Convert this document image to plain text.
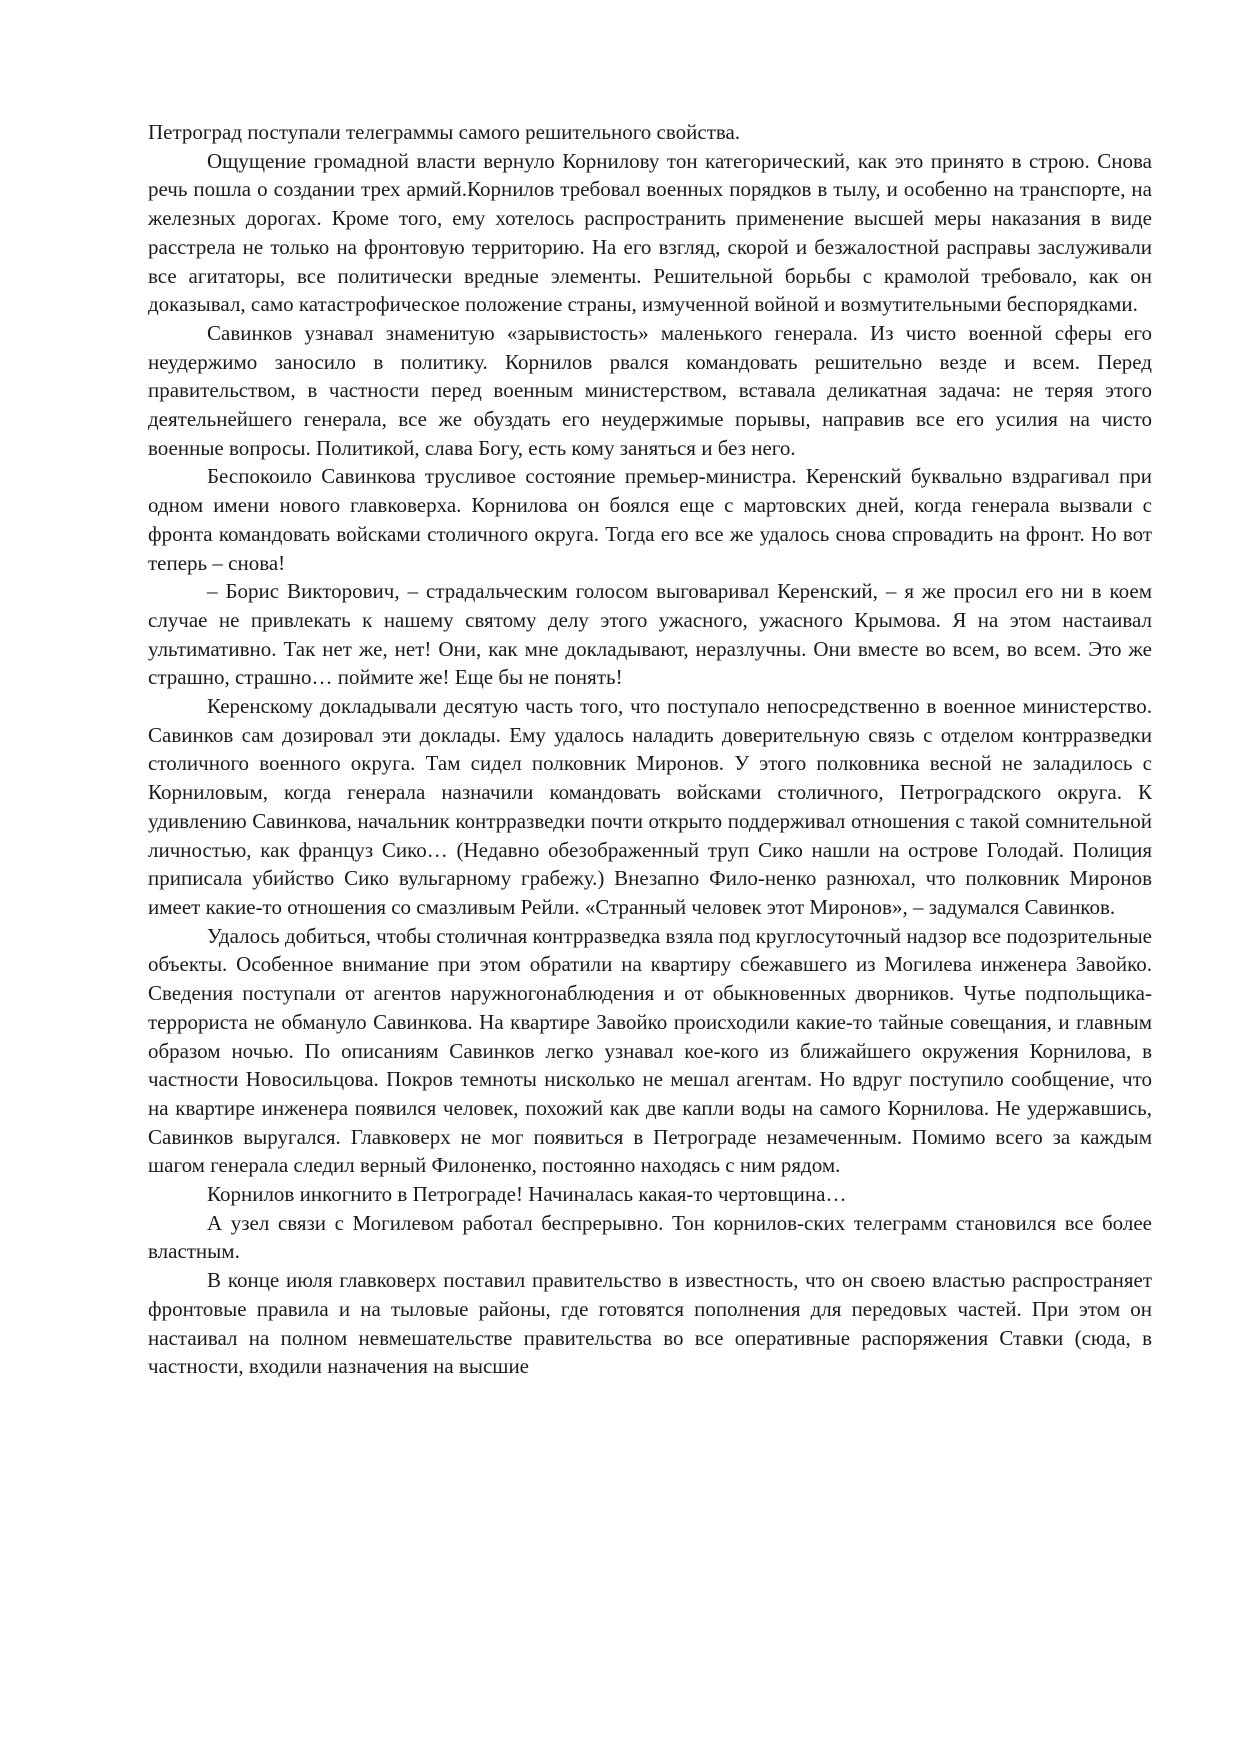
Петроград поступали телеграммы самого решительного свойства.

Ощущение громадной власти вернуло Корнилову тон категорический, как это принято в строю. Снова речь пошла о создании трех армий.Корнилов требовал военных порядков в тылу, и особенно на транспорте, на железных дорогах. Кроме того, ему хотелось распространить применение высшей меры наказания в виде расстрела не только на фронтовую территорию. На его взгляд, скорой и безжалостной расправы заслуживали все агитаторы, все политически вредные элементы. Решительной борьбы с крамолой требовало, как он доказывал, само катастрофическое положение страны, измученной войной и возмутительными беспорядками.

Савинков узнавал знаменитую «зарывистость» маленького генерала. Из чисто военной сферы его неудержимо заносило в политику. Корнилов рвался командовать решительно везде и всем. Перед правительством, в частности перед военным министерством, вставала деликатная задача: не теряя этого деятельнейшего генерала, все же обуздать его неудержимые порывы, направив все его усилия на чисто военные вопросы. Политикой, слава Богу, есть кому заняться и без него.

Беспокоило Савинкова трусливое состояние премьер-министра. Керенский буквально вздрагивал при одном имени нового главковерха. Корнилова он боялся еще с мартовских дней, когда генерала вызвали с фронта командовать войсками столичного округа. Тогда его все же удалось снова спровадить на фронт. Но вот теперь – снова!

– Борис Викторович, – страдальческим голосом выговаривал Керенский, – я же просил его ни в коем случае не привлекать к нашему святому делу этого ужасного, ужасного Крымова. Я на этом настаивал ультимативно. Так нет же, нет! Они, как мне докладывают, неразлучны. Они вместе во всем, во всем. Это же страшно, страшно… поймите же! Еще бы не понять!

Керенскому докладывали десятую часть того, что поступало непосредственно в военное министерство. Савинков сам дозировал эти доклады. Ему удалось наладить доверительную связь с отделом контрразведки столичного военного округа. Там сидел полковник Миронов. У этого полковника весной не заладилось с Корниловым, когда генерала назначили командовать войсками столичного, Петроградского округа. К удивлению Савинкова, начальник контрразведки почти открыто поддерживал отношения с такой сомнительной личностью, как француз Сико… (Недавно обезображенный труп Сико нашли на острове Голодай. Полиция приписала убийство Сико вульгарному грабежу.) Внезапно Фило-ненко разнюхал, что полковник Миронов имеет какие-то отношения со смазливым Рейли. «Странный человек этот Миронов», – задумался Савинков.

Удалось добиться, чтобы столичная контрразведка взяла под круглосуточный надзор все подозрительные объекты. Особенное внимание при этом обратили на квартиру сбежавшего из Могилева инженера Завойко. Сведения поступали от агентов наружногонаблюдения и от обыкновенных дворников. Чутье подпольщика-террориста не обмануло Савинкова. На квартире Завойко происходили какие-то тайные совещания, и главным образом ночью. По описаниям Савинков легко узнавал кое-кого из ближайшего окружения Корнилова, в частности Новосильцова. Покров темноты нисколько не мешал агентам. Но вдруг поступило сообщение, что на квартире инженера появился человек, похожий как две капли воды на самого Корнилова. Не удержавшись, Савинков выругался. Главковерх не мог появиться в Петрограде незамеченным. Помимо всего за каждым шагом генерала следил верный Филоненко, постоянно находясь с ним рядом.

Корнилов инкогнито в Петрограде! Начиналась какая-то чертовщина…

А узел связи с Могилевом работал беспрерывно. Тон корнилов-ских телеграмм становился все более властным.

В конце июля главковерх поставил правительство в известность, что он своею властью распространяет фронтовые правила и на тыловые районы, где готовятся пополнения для передовых частей. При этом он настаивал на полном невмешательстве правительства во все оперативные распоряжения Ставки (сюда, в частности, входили назначения на высшие
